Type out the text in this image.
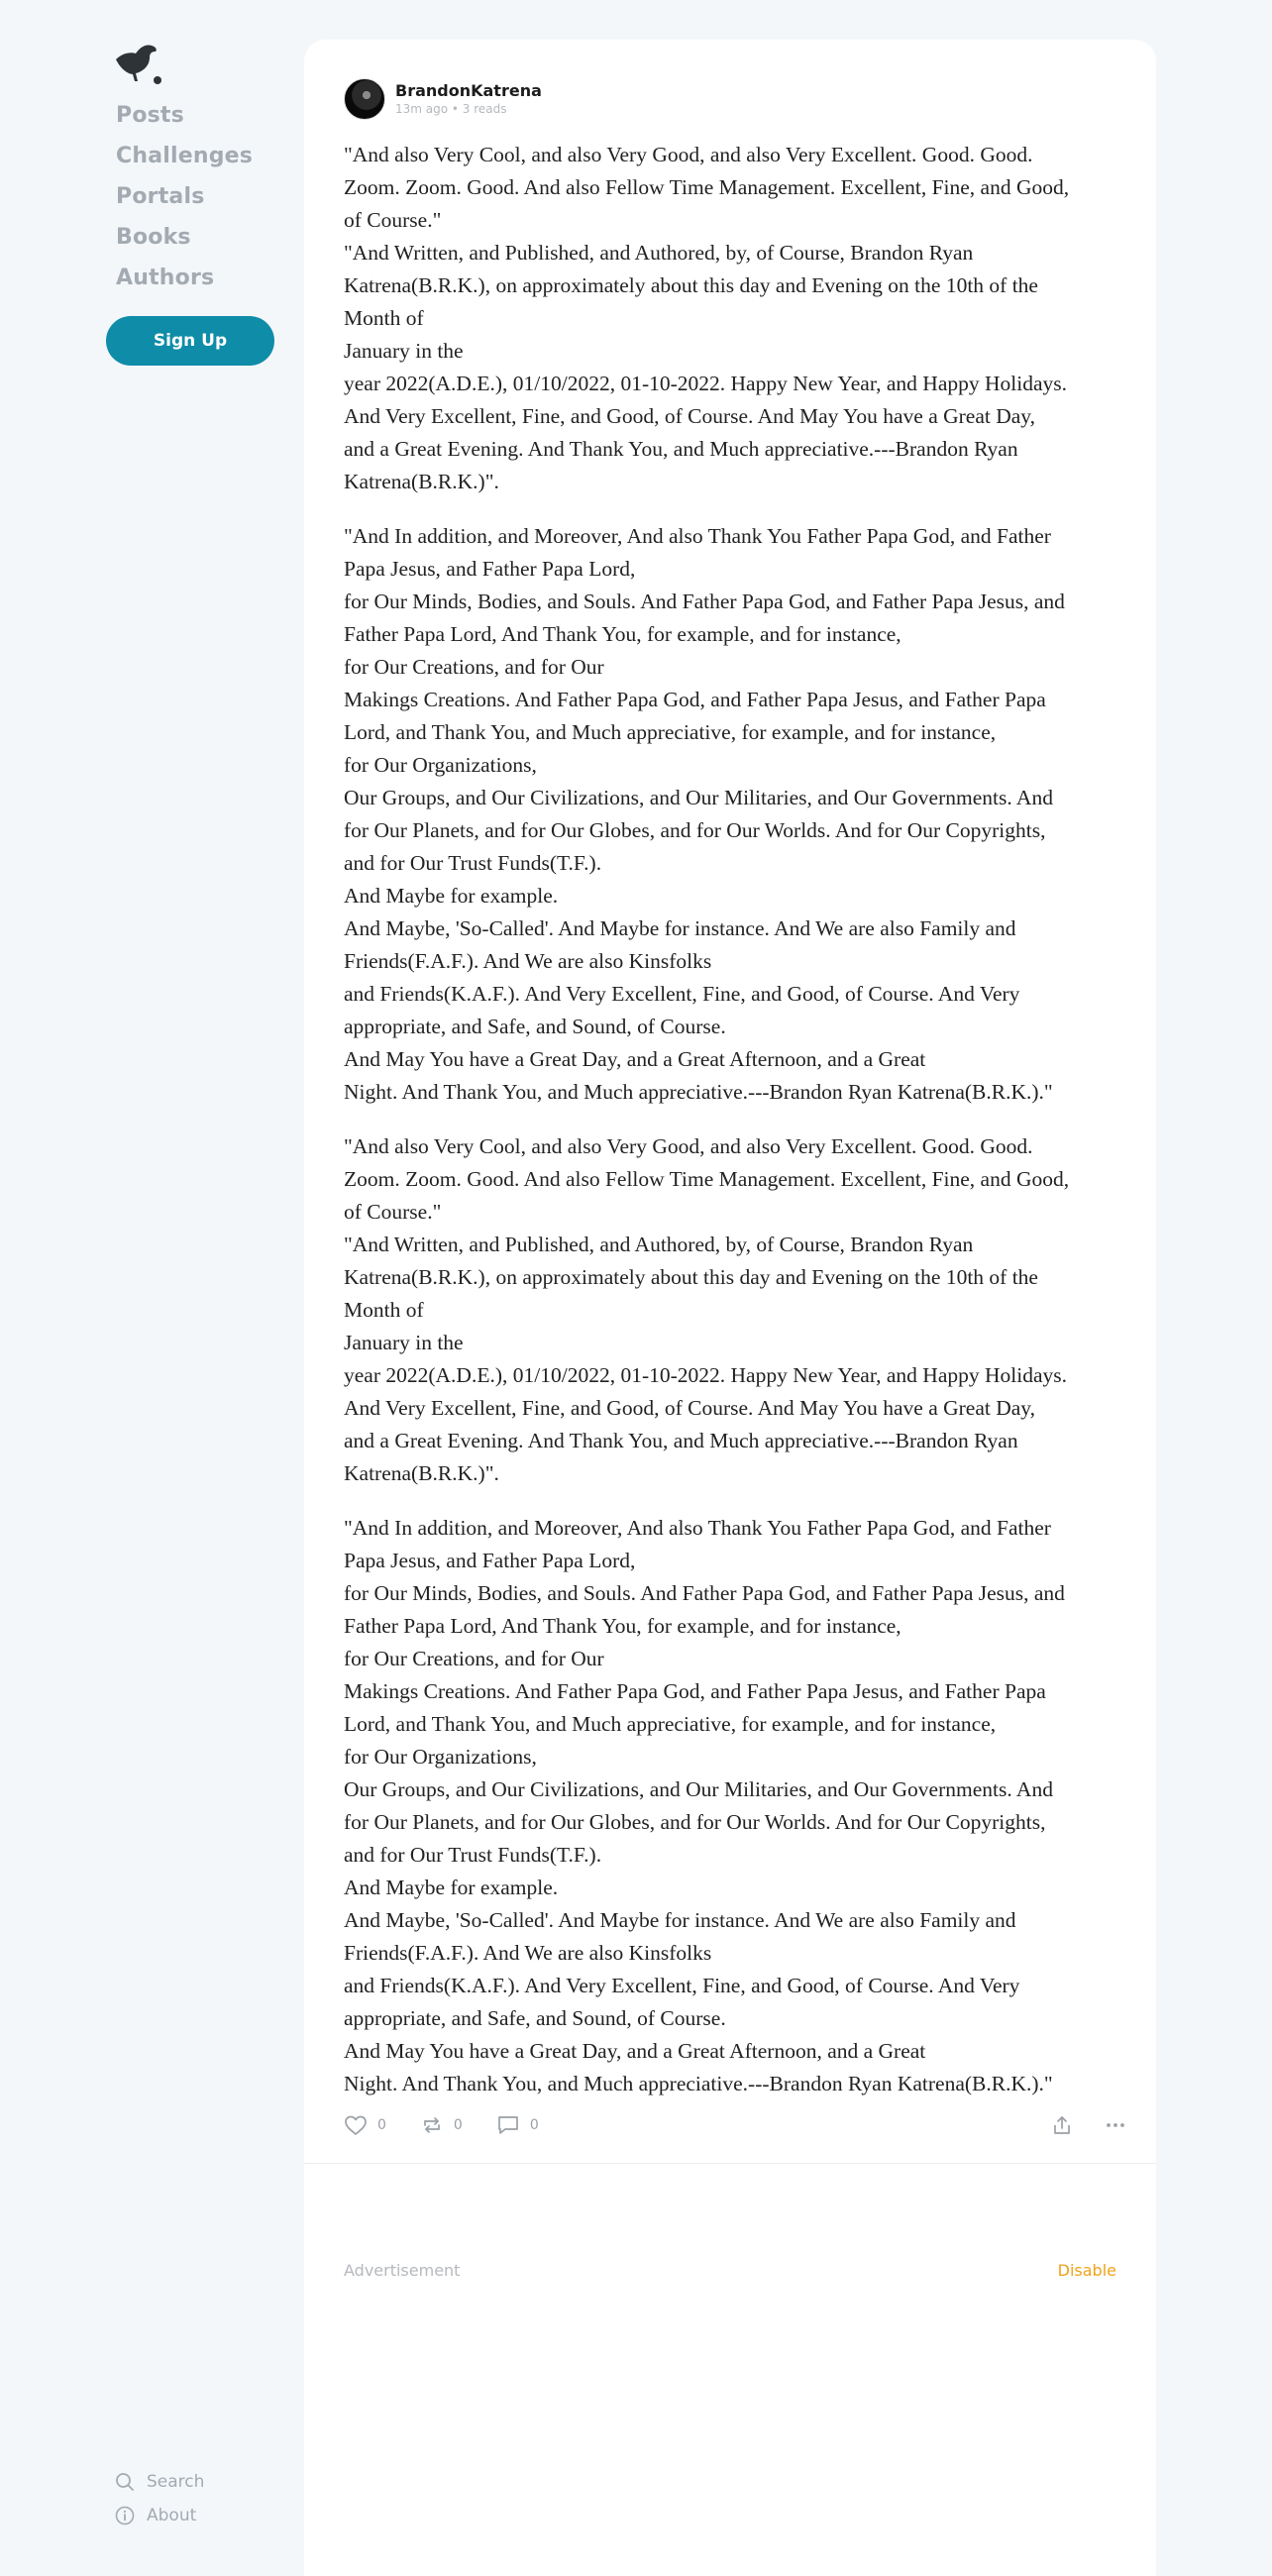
Posts
Challenges
Portals
Books
Authors
Sign Up
Search
About
BrandonKatrena
13m ago • 3 reads

"And also Very Cool, and also Very Good, and also Very Excellent. Good. Good.
Zoom. Zoom. Good. And also Fellow Time Management. Excellent, Fine, and Good,
of Course."
"And Written, and Published, and Authored, by, of Course, Brandon Ryan
Katrena(B.R.K.), on approximately about this day and Evening on the 10th of the
Month of
January in the
year 2022(A.D.E.), 01/10/2022, 01-10-2022. Happy New Year, and Happy Holidays.
And Very Excellent, Fine, and Good, of Course. And May You have a Great Day,
and a Great Evening. And Thank You, and Much appreciative.---Brandon Ryan
Katrena(B.R.K.)".

"And In addition, and Moreover, And also Thank You Father Papa God, and Father
Papa Jesus, and Father Papa Lord,
for Our Minds, Bodies, and Souls. And Father Papa God, and Father Papa Jesus, and
Father Papa Lord, And Thank You, for example, and for instance,
for Our Creations, and for Our
Makings Creations. And Father Papa God, and Father Papa Jesus, and Father Papa
Lord, and Thank You, and Much appreciative, for example, and for instance,
for Our Organizations,
Our Groups, and Our Civilizations, and Our Militaries, and Our Governments. And
for Our Planets, and for Our Globes, and for Our Worlds. And for Our Copyrights,
and for Our Trust Funds(T.F.).
And Maybe for example.
And Maybe, 'So-Called'. And Maybe for instance. And We are also Family and
Friends(F.A.F.). And We are also Kinsfolks
and Friends(K.A.F.). And Very Excellent, Fine, and Good, of Course. And Very
appropriate, and Safe, and Sound, of Course.
And May You have a Great Day, and a Great Afternoon, and a Great
Night. And Thank You, and Much appreciative.---Brandon Ryan Katrena(B.R.K.)."

"And also Very Cool, and also Very Good, and also Very Excellent. Good. Good.
Zoom. Zoom. Good. And also Fellow Time Management. Excellent, Fine, and Good,
of Course."
"And Written, and Published, and Authored, by, of Course, Brandon Ryan
Katrena(B.R.K.), on approximately about this day and Evening on the 10th of the
Month of
January in the
year 2022(A.D.E.), 01/10/2022, 01-10-2022. Happy New Year, and Happy Holidays.
And Very Excellent, Fine, and Good, of Course. And May You have a Great Day,
and a Great Evening. And Thank You, and Much appreciative.---Brandon Ryan
Katrena(B.R.K.)".

"And In addition, and Moreover, And also Thank You Father Papa God, and Father
Papa Jesus, and Father Papa Lord,
for Our Minds, Bodies, and Souls. And Father Papa God, and Father Papa Jesus, and
Father Papa Lord, And Thank You, for example, and for instance,
for Our Creations, and for Our
Makings Creations. And Father Papa God, and Father Papa Jesus, and Father Papa
Lord, and Thank You, and Much appreciative, for example, and for instance,
for Our Organizations,
Our Groups, and Our Civilizations, and Our Militaries, and Our Governments. And
for Our Planets, and for Our Globes, and for Our Worlds. And for Our Copyrights,
and for Our Trust Funds(T.F.).
And Maybe for example.
And Maybe, 'So-Called'. And Maybe for instance. And We are also Family and
Friends(F.A.F.). And We are also Kinsfolks
and Friends(K.A.F.). And Very Excellent, Fine, and Good, of Course. And Very
appropriate, and Safe, and Sound, of Course.
And May You have a Great Day, and a Great Afternoon, and a Great
Night. And Thank You, and Much appreciative.---Brandon Ryan Katrena(B.R.K.)."

0	0	0
Advertisement	Disable
